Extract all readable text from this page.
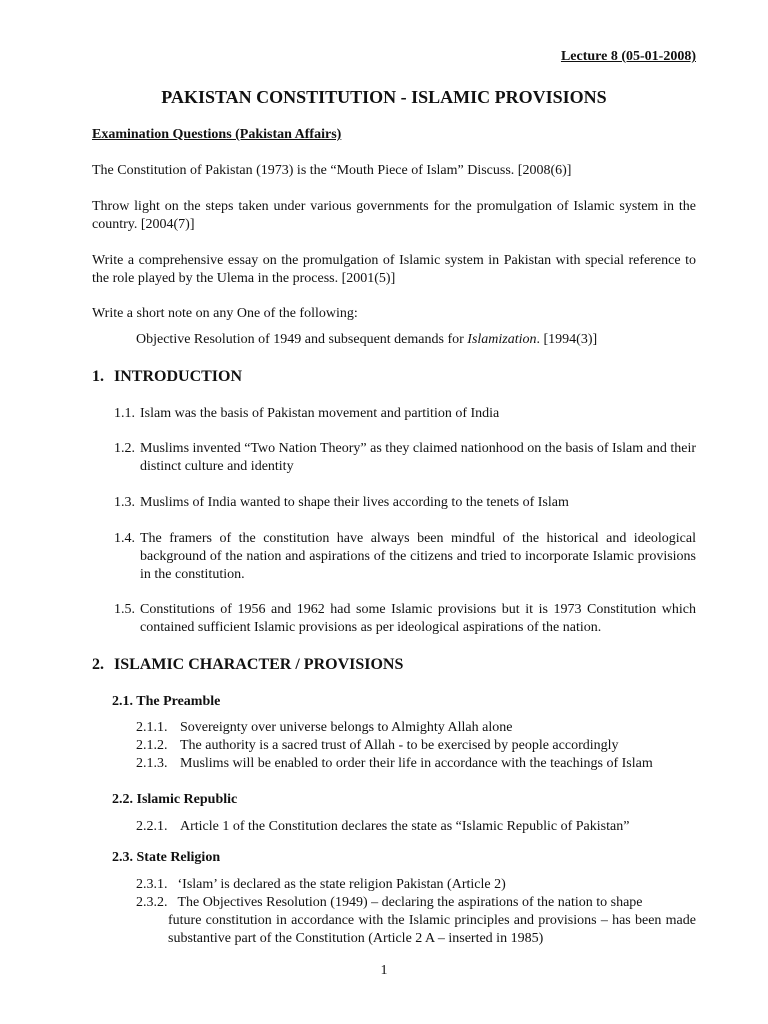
Lecture 8 (05-01-2008)
PAKISTAN CONSTITUTION - ISLAMIC PROVISIONS
Examination Questions (Pakistan Affairs)
The Constitution of Pakistan (1973) is the “Mouth Piece of Islam” Discuss. [2008(6)]
Throw light on the steps taken under various governments for the promulgation of Islamic system in the country. [2004(7)]
Write a comprehensive essay on the promulgation of Islamic system in Pakistan with special reference to the role played by the Ulema in the process. [2001(5)]
Write a short note on any One of the following:
Objective Resolution of 1949 and subsequent demands for Islamization. [1994(3)]
1. INTRODUCTION
1.1. Islam was the basis of Pakistan movement and partition of India
1.2. Muslims invented “Two Nation Theory” as they claimed nationhood on the basis of Islam and their distinct culture and identity
1.3. Muslims of India wanted to shape their lives according to the tenets of Islam
1.4. The framers of the constitution have always been mindful of the historical and ideological background of the nation and aspirations of the citizens and tried to incorporate Islamic provisions in the constitution.
1.5. Constitutions of 1956 and 1962 had some Islamic provisions but it is 1973 Constitution which contained sufficient Islamic provisions as per ideological aspirations of the nation.
2. ISLAMIC CHARACTER / PROVISIONS
2.1. The Preamble
2.1.1. Sovereignty over universe belongs to Almighty Allah alone
2.1.2. The authority is a sacred trust of Allah - to be exercised by people accordingly
2.1.3. Muslims will be enabled to order their life in accordance with the teachings of Islam
2.2. Islamic Republic
2.2.1. Article 1 of the Constitution declares the state as “Islamic Republic of Pakistan”
2.3. State Religion
2.3.1. ‘Islam’ is declared as the state religion Pakistan (Article 2)
2.3.2. The Objectives Resolution (1949) – declaring the aspirations of the nation to shape
future constitution in accordance with the Islamic principles and provisions – has been made substantive part of the Constitution (Article 2 A – inserted in 1985)
1
